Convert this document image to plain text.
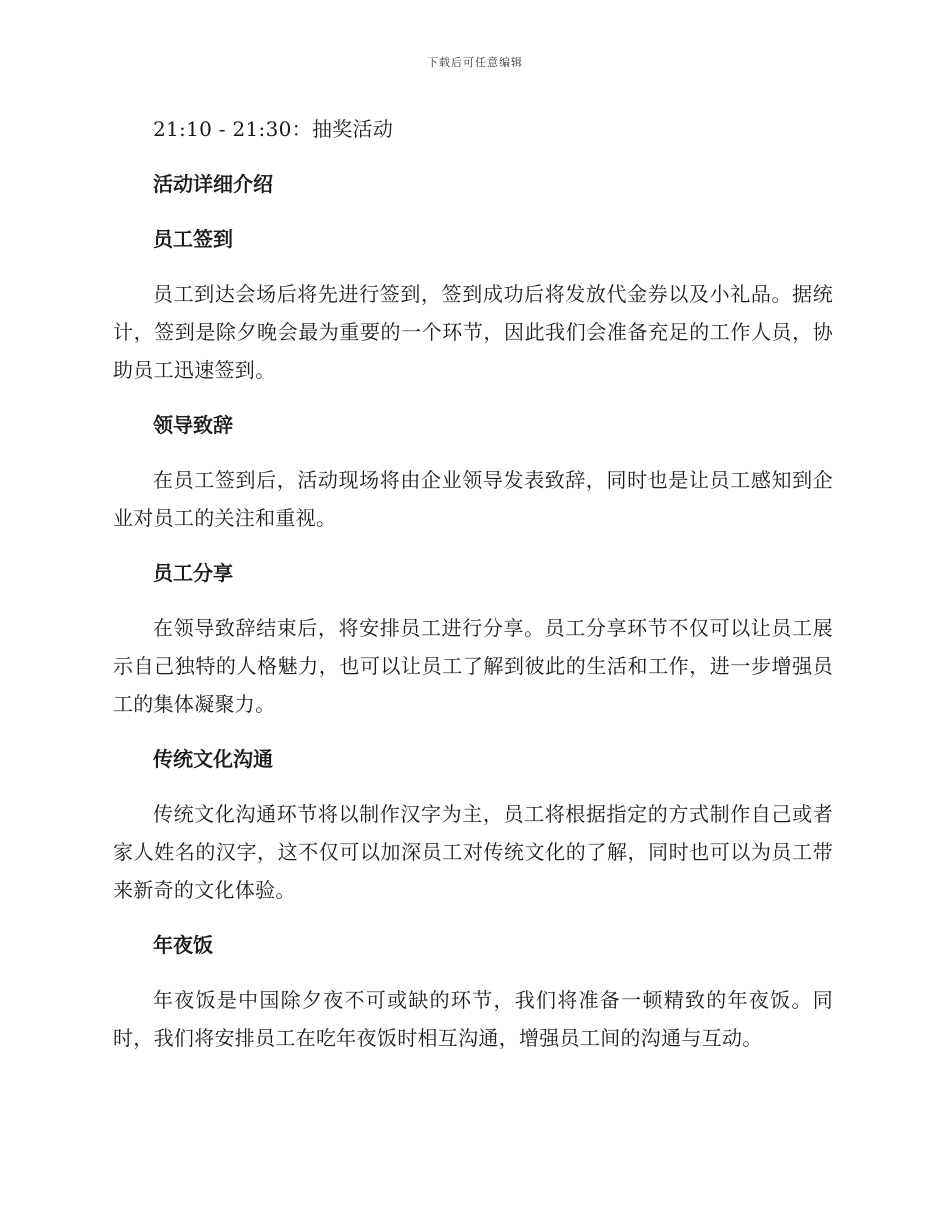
下载后可任意编辑

21:10 - 21:30：抽奖活动

活动详细介绍

员工签到

员工到达会场后将先进行签到，签到成功后将发放代金券以及小礼品。据统计，签到是除夕晚会最为重要的一个环节，因此我们会准备充足的工作人员，协助员工迅速签到。

领导致辞

在员工签到后，活动现场将由企业领导发表致辞，同时也是让员工感知到企业对员工的关注和重视。

员工分享

在领导致辞结束后，将安排员工进行分享。员工分享环节不仅可以让员工展示自己独特的人格魅力，也可以让员工了解到彼此的生活和工作，进一步增强员工的集体凝聚力。

传统文化沟通

传统文化沟通环节将以制作汉字为主，员工将根据指定的方式制作自己或者家人姓名的汉字，这不仅可以加深员工对传统文化的了解，同时也可以为员工带来新奇的文化体验。

年夜饭

年夜饭是中国除夕夜不可或缺的环节，我们将准备一顿精致的年夜饭。同时，我们将安排员工在吃年夜饭时相互沟通，增强员工间的沟通与互动。
